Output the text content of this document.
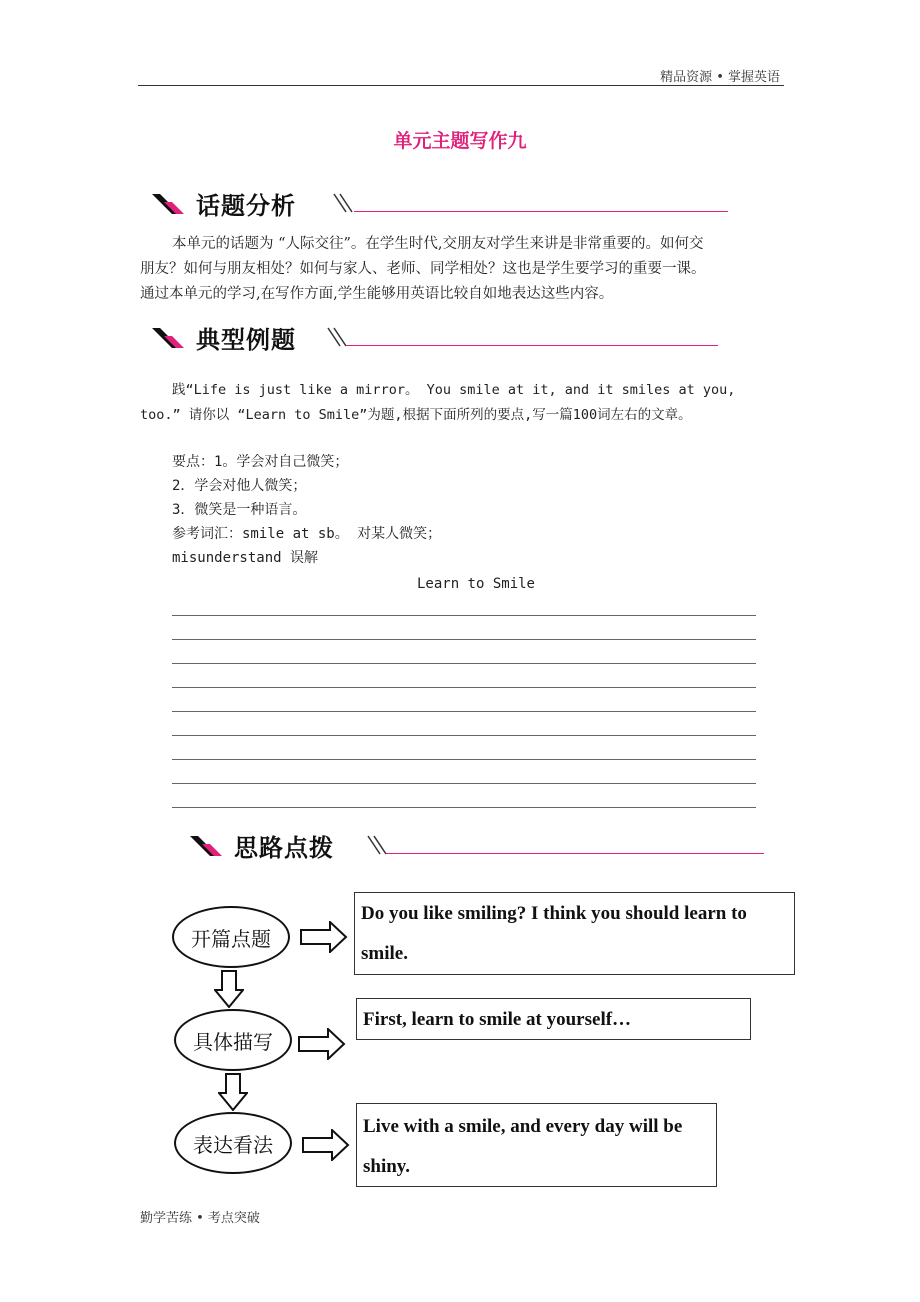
精品资源 • 掌握英语
单元主题写作九
话题分析

本单元的话题为 “人际交往”。在学生时代,交朋友对学生来讲是非常重要的。如何交

朋友？如何与朋友相处？如何与家人、老师、同学相处？这也是学生要学习的重要一课。

通过本单元的学习,在写作方面,学生能够用英语比较自如地表达这些内容。

典型例题

践“Life is just like a mirror。 You smile at it, and it smiles at you,

too.” 请你以 “Learn to Smile”为题,根据下面所列的要点,写一篇100词左右的文章。

要点：1。学会对自己微笑；
2．学会对他人微笑；
3．微笑是一种语言。
参考词汇：smile at sb。 对某人微笑；
misunderstand 误解
Learn to Smile
思路点拨
开篇点题
具体描写
表达看法
Do you like smiling? I think you should learn to smile.
First, learn to smile at yourself…
Live with a smile, and every day will be shiny.
勤学苦练 • 考点突破
